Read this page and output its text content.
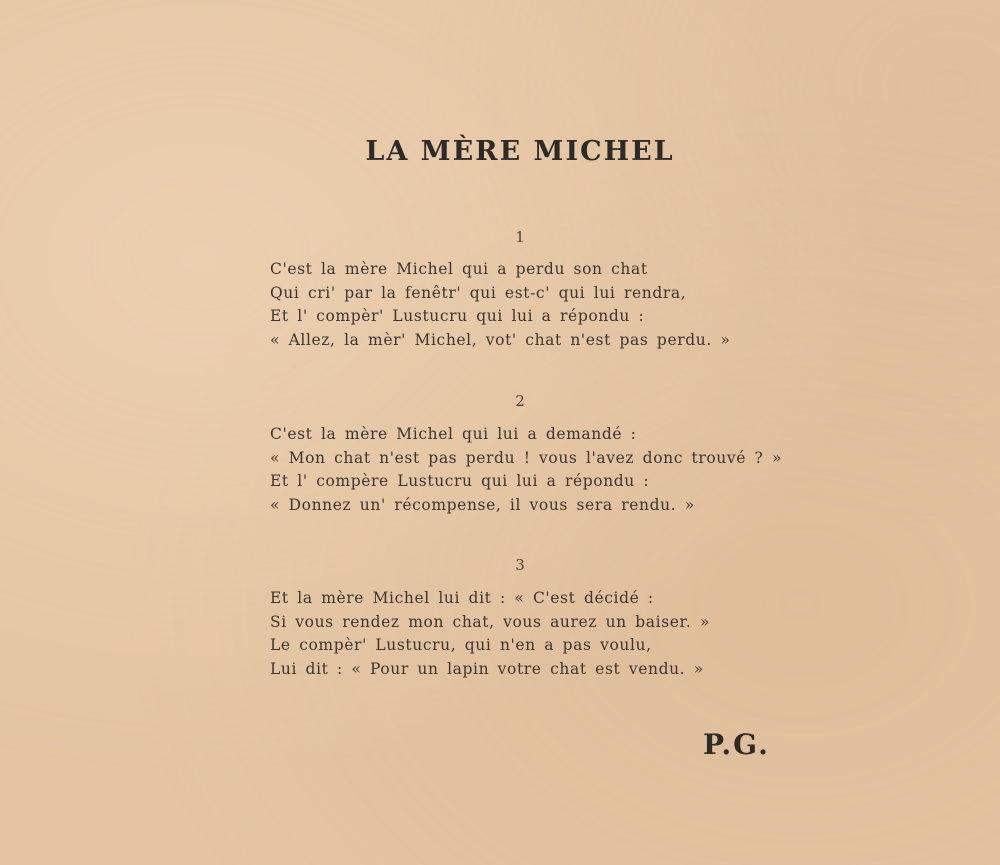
LA MÈRE MICHEL
1
C'est la mère Michel qui a perdu son chat
Qui cri' par la fenêtr' qui est-c' qui lui rendra,
Et l' compèr' Lustucru qui lui a répondu :
« Allez, la mèr' Michel, vot' chat n'est pas perdu. »
2
C'est la mère Michel qui lui a demandé :
« Mon chat n'est pas perdu ! vous l'avez donc trouvé ? »
Et l' compère Lustucru qui lui a répondu :
« Donnez un' récompense, il vous sera rendu. »
3
Et la mère Michel lui dit : « C'est décidé :
Si vous rendez mon chat, vous aurez un baiser. »
Le compèr' Lustucru, qui n'en a pas voulu,
Lui dit : « Pour un lapin votre chat est vendu. »
P.G.
